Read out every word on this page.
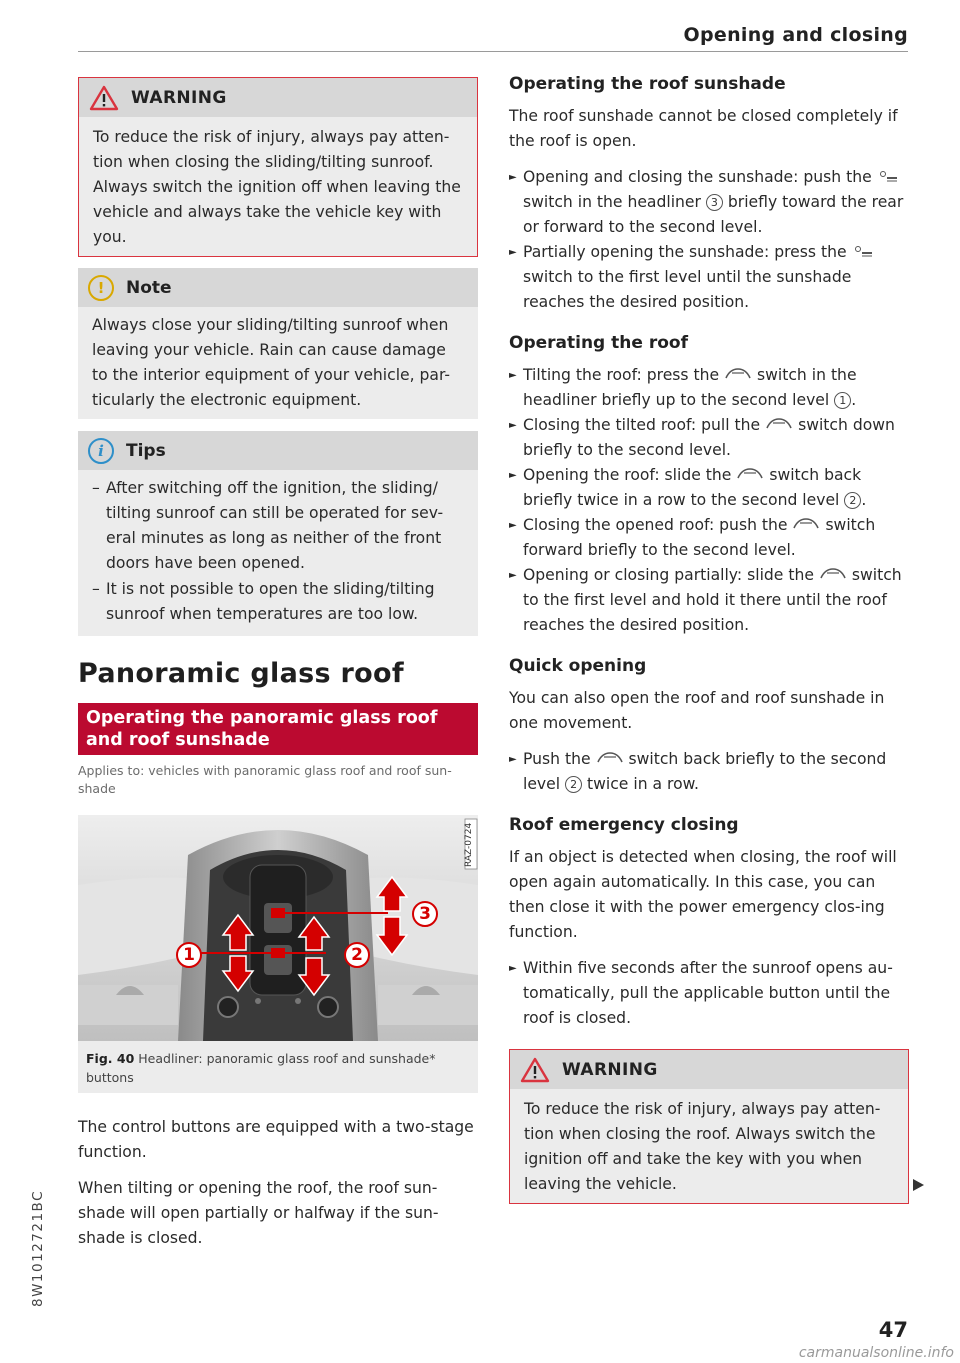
Opening and closing
WARNING
To reduce the risk of injury, always pay atten-tion when closing the sliding/tilting sunroof. Always switch the ignition off when leaving the vehicle and always take the vehicle key with you.
!	Note
Always close your sliding/tilting sunroof when leaving your vehicle. Rain can cause damage to the interior equipment of your vehicle, par-ticularly the electronic equipment.
i	Tips
– After switching off the ignition, the sliding/ tilting sunroof can still be operated for sev-eral minutes as long as neither of the front doors have been opened.
– It is not possible to open the sliding/tilting sunroof when temperatures are too low.
Panoramic glass roof
Operating the panoramic glass roof and roof sunshade
Applies to: vehicles with panoramic glass roof and roof sun-shade
RAZ-0724
1	2
3
Fig. 40 Headliner: panoramic glass roof and sunshade* buttons
The control buttons are equipped with a two-stage function.
When tilting or opening the roof, the roof sun-shade will open partially or halfway if the sun-shade is closed.
Operating the roof sunshade
The roof sunshade cannot be closed completely if the roof is open.
► Opening and closing the sunshade: push the  switch in the headliner 3 briefly toward the rear or forward to the second level.
► Partially opening the sunshade: press the  switch to the first level until the sunshade reaches the desired position.
Operating the roof
► Tilting the roof: press the switch in the headliner briefly up to the second level 1 .
► Closing the tilted roof: pull the switch down briefly to the second level.
► Opening the roof: slide the switch back briefly twice in a row to the second level 2 .
► Closing the opened roof: push the switch forward briefly to the second level.
► Opening or closing partially: slide the switch to the first level and hold it there until the roof reaches the desired position.
Quick opening
You can also open the roof and roof sunshade in one movement.
► Push the switch back briefly to the second level 2 twice in a row.
Roof emergency closing
If an object is detected when closing, the roof will open again automatically. In this case, you can then close it with the power emergency clos-ing function.
► Within five seconds after the sunroof opens au-tomatically, pull the applicable button until the roof is closed.
WARNING
To reduce the risk of injury, always pay atten-tion when closing the roof. Always switch the ignition off and take the key with you when leaving the vehicle.
8W1012721BC
47
carmanualsonline.info
